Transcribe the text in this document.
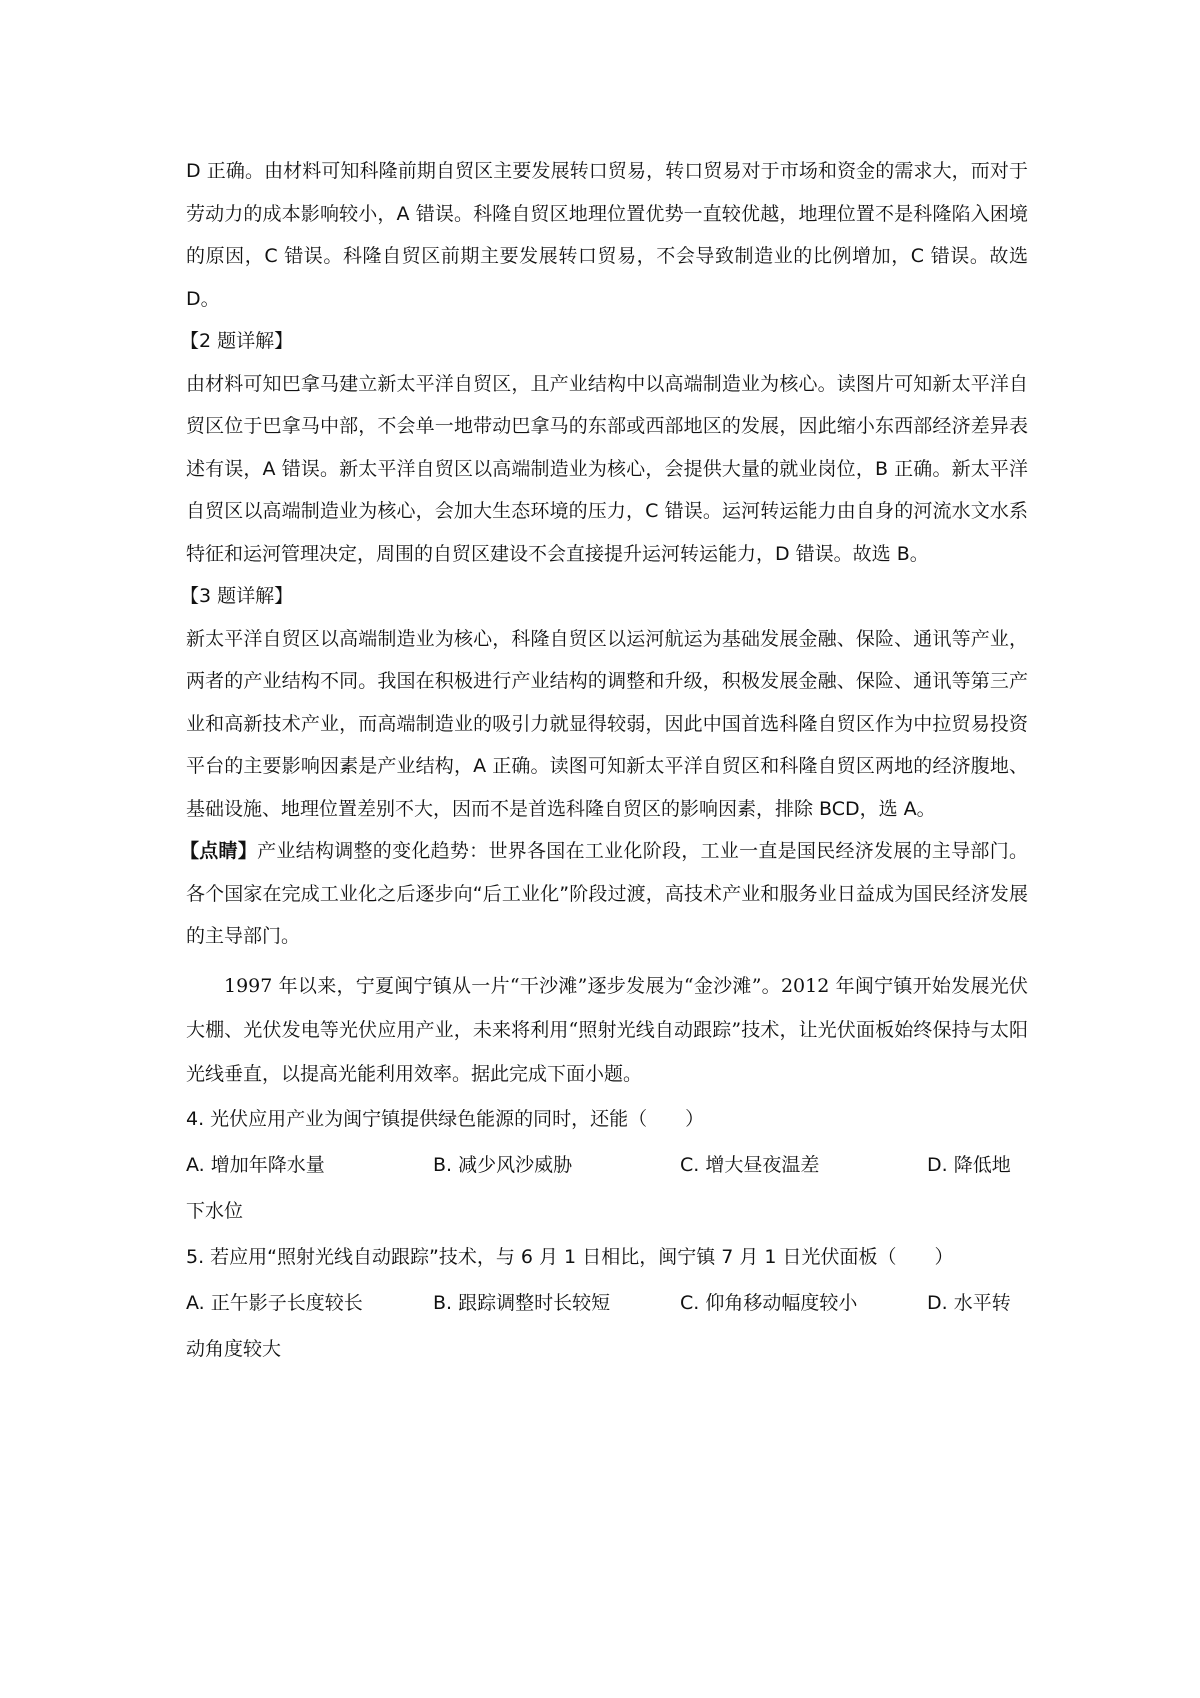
D 正确。由材料可知科隆前期自贸区主要发展转口贸易，转口贸易对于市场和资金的需求大，而对于劳动力的成本影响较小，A 错误。科隆自贸区地理位置优势一直较优越，地理位置不是科隆陷入困境的原因，C 错误。科隆自贸区前期主要发展转口贸易，不会导致制造业的比例增加，C 错误。故选 D。

【2 题详解】

由材料可知巴拿马建立新太平洋自贸区，且产业结构中以高端制造业为核心。读图片可知新太平洋自贸区位于巴拿马中部，不会单一地带动巴拿马的东部或西部地区的发展，因此缩小东西部经济差异表述有误，A 错误。新太平洋自贸区以高端制造业为核心，会提供大量的就业岗位，B 正确。新太平洋自贸区以高端制造业为核心，会加大生态环境的压力，C 错误。运河转运能力由自身的河流水文水系特征和运河管理决定，周围的自贸区建设不会直接提升运河转运能力，D 错误。故选 B。

【3 题详解】

新太平洋自贸区以高端制造业为核心，科隆自贸区以运河航运为基础发展金融、保险、通讯等产业，两者的产业结构不同。我国在积极进行产业结构的调整和升级，积极发展金融、保险、通讯等第三产业和高新技术产业，而高端制造业的吸引力就显得较弱，因此中国首选科隆自贸区作为中拉贸易投资平台的主要影响因素是产业结构，A 正确。读图可知新太平洋自贸区和科隆自贸区两地的经济腹地、基础设施、地理位置差别不大，因而不是首选科隆自贸区的影响因素，排除 BCD，选 A。

【点睛】产业结构调整的变化趋势：世界各国在工业化阶段，工业一直是国民经济发展的主导部门。各个国家在完成工业化之后逐步向“后工业化”阶段过渡，高技术产业和服务业日益成为国民经济发展的主导部门。

1997 年以来，宁夏闽宁镇从一片“干沙滩”逐步发展为“金沙滩”。2012 年闽宁镇开始发展光伏大棚、光伏发电等光伏应用产业，未来将利用“照射光线自动跟踪”技术，让光伏面板始终保持与太阳光线垂直，以提高光能利用效率。据此完成下面小题。

4. 光伏应用产业为闽宁镇提供绿色能源的同时，还能（　　）

A. 增加年降水量	B. 减少风沙威胁	C. 增大昼夜温差	D. 降低地

下水位

5. 若应用“照射光线自动跟踪”技术，与 6 月 1 日相比，闽宁镇 7 月 1 日光伏面板（　　）

A. 正午影子长度较长	B. 跟踪调整时长较短	C. 仰角移动幅度较小	D. 水平转

动角度较大
